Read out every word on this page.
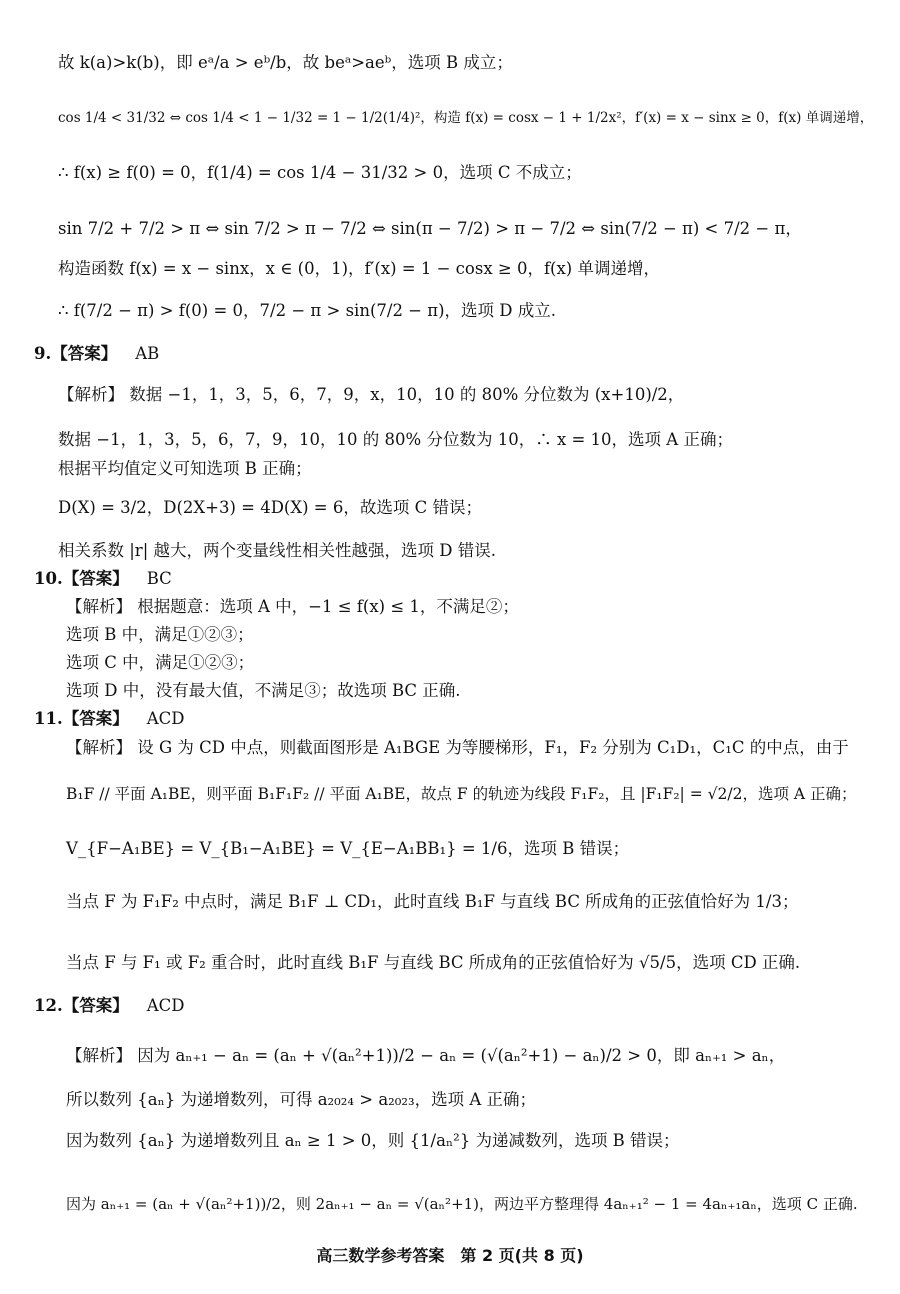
故 k(a)>k(b)，即 eᵃ/a > eᵇ/b，故 beᵃ>aeᵇ，选项 B 成立；
cos 1/4 < 31/32 ⇔ cos 1/4 < 1 − 1/32 = 1 − 1/2(1/4)²，构造 f(x) = cosx − 1 + 1/2x²，f′(x) = x − sinx ≥ 0，f(x) 单调递增，
∴ f(x) ≥ f(0) = 0，f(1/4) = cos 1/4 − 31/32 > 0，选项 C 不成立；
sin 7/2 + 7/2 > π ⇔ sin 7/2 > π − 7/2 ⇔ sin(π − 7/2) > π − 7/2 ⇔ sin(7/2 − π) < 7/2 − π，
构造函数 f(x) = x − sinx，x ∈ (0，1)，f′(x) = 1 − cosx ≥ 0，f(x) 单调递增，
∴ f(7/2 − π) > f(0) = 0，7/2 − π > sin(7/2 − π)，选项 D 成立.
9.【答案】 AB
【解析】 数据 −1，1，3，5，6，7，9，x，10，10 的 80% 分位数为 (x+10)/2，
数据 −1，1，3，5，6，7，9，10，10 的 80% 分位数为 10，∴ x = 10，选项 A 正确；
根据平均值定义可知选项 B 正确；
D(X) = 3/2，D(2X+3) = 4D(X) = 6，故选项 C 错误；
相关系数 |r| 越大，两个变量线性相关性越强，选项 D 错误.
10.【答案】 BC
【解析】 根据题意：选项 A 中，−1 ≤ f(x) ≤ 1，不满足②；
选项 B 中，满足①②③；
选项 C 中，满足①②③；
选项 D 中，没有最大值，不满足③；故选项 BC 正确.
11.【答案】 ACD
【解析】 设 G 为 CD 中点，则截面图形是 A₁BGE 为等腰梯形，F₁，F₂ 分别为 C₁D₁，C₁C 的中点，由于
B₁F // 平面 A₁BE，则平面 B₁F₁F₂ // 平面 A₁BE，故点 F 的轨迹为线段 F₁F₂，且 |F₁F₂| = √2/2，选项 A 正确；
V_{F−A₁BE} = V_{B₁−A₁BE} = V_{E−A₁BB₁} = 1/6，选项 B 错误；
当点 F 为 F₁F₂ 中点时，满足 B₁F ⊥ CD₁，此时直线 B₁F 与直线 BC 所成角的正弦值恰好为 1/3；
当点 F 与 F₁ 或 F₂ 重合时，此时直线 B₁F 与直线 BC 所成角的正弦值恰好为 √5/5，选项 CD 正确.
12.【答案】 ACD
【解析】 因为 aₙ₊₁ − aₙ = (aₙ + √(aₙ²+1))/2 − aₙ = (√(aₙ²+1) − aₙ)/2 > 0，即 aₙ₊₁ > aₙ，
所以数列 {aₙ} 为递增数列，可得 a₂₀₂₄ > a₂₀₂₃，选项 A 正确；
因为数列 {aₙ} 为递增数列且 aₙ ≥ 1 > 0，则 {1/aₙ²} 为递减数列，选项 B 错误；
因为 aₙ₊₁ = (aₙ + √(aₙ²+1))/2，则 2aₙ₊₁ − aₙ = √(aₙ²+1)，两边平方整理得 4aₙ₊₁² − 1 = 4aₙ₊₁aₙ，选项 C 正确.
高三数学参考答案　第 2 页(共 8 页)
